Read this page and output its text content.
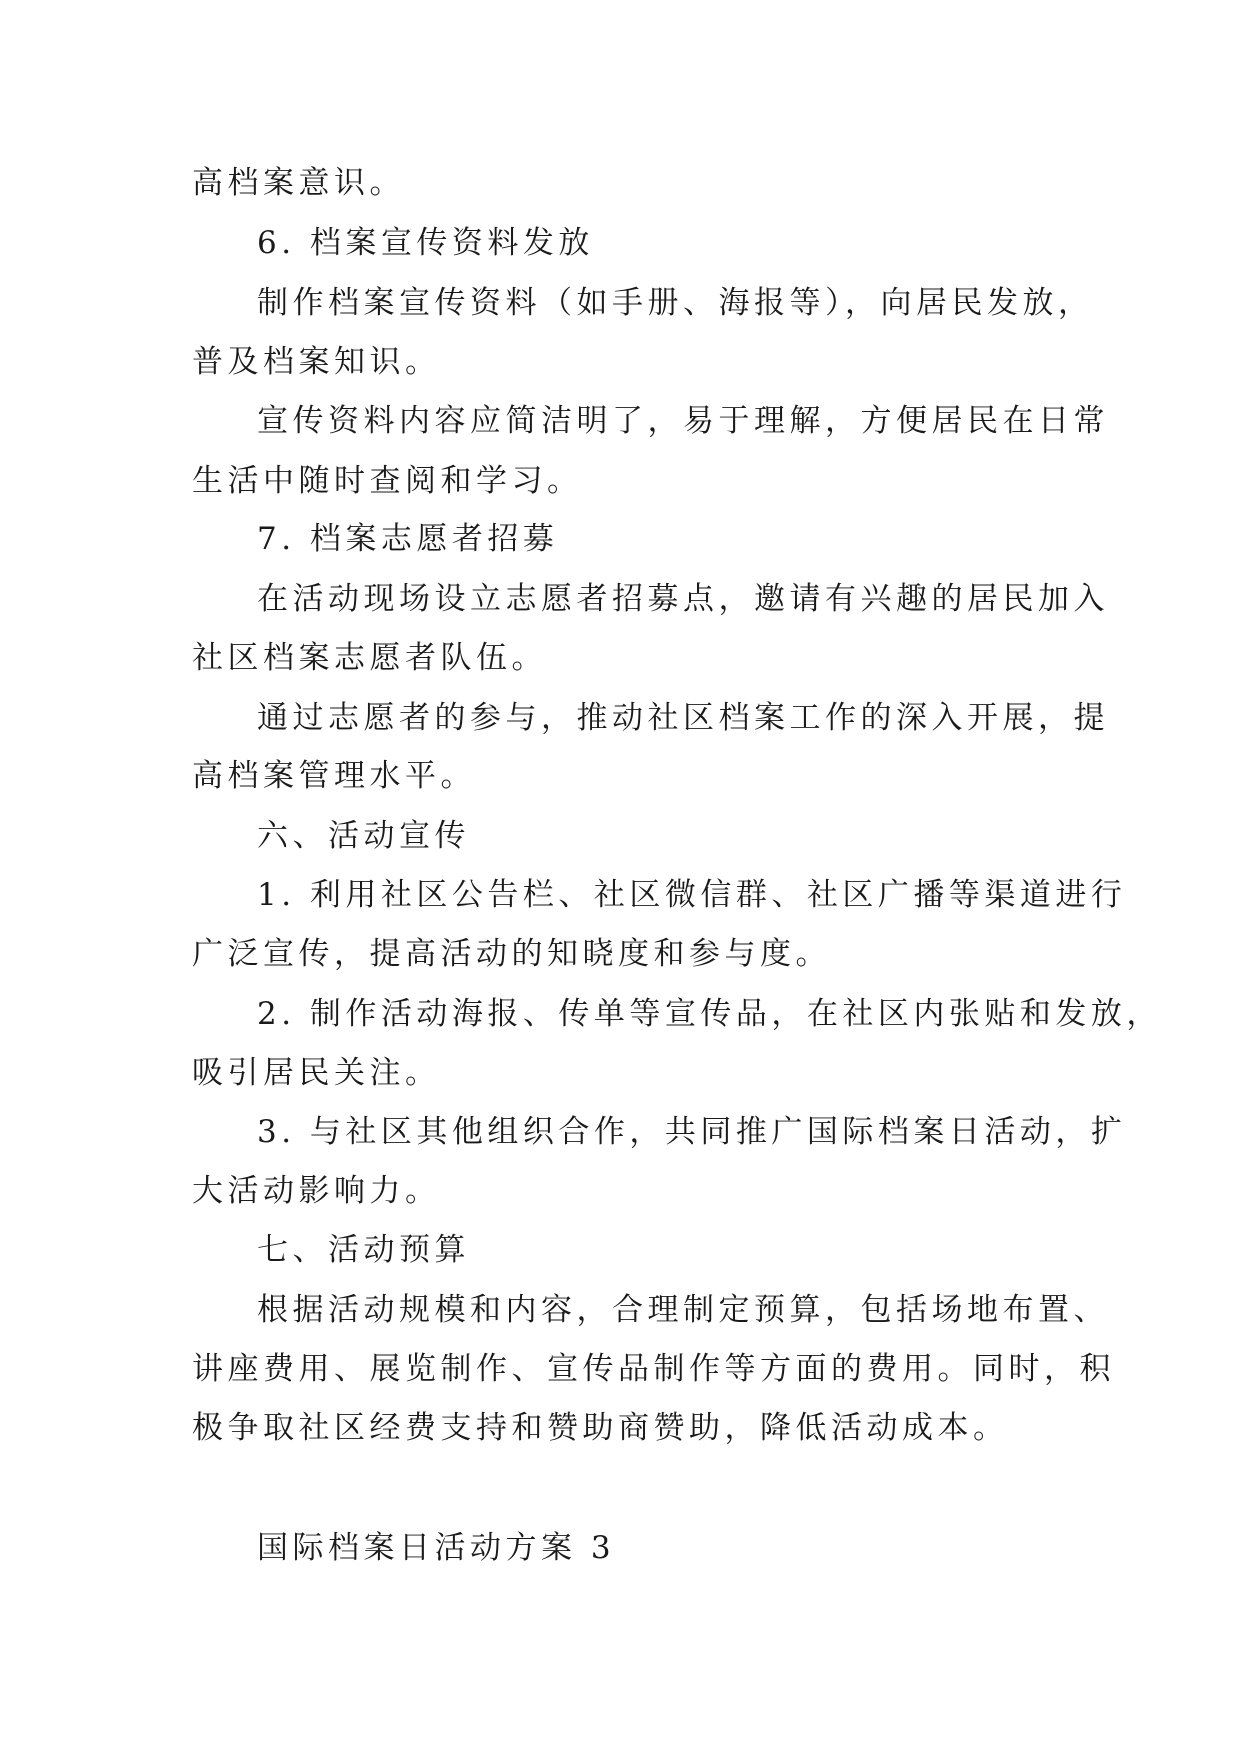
高档案意识。
6. 档案宣传资料发放
制作档案宣传资料（如手册、海报等），向居民发放，
普及档案知识。
宣传资料内容应简洁明了，易于理解，方便居民在日常
生活中随时查阅和学习。
7. 档案志愿者招募
在活动现场设立志愿者招募点，邀请有兴趣的居民加入
社区档案志愿者队伍。
通过志愿者的参与，推动社区档案工作的深入开展，提
高档案管理水平。
六、活动宣传
1. 利用社区公告栏、社区微信群、社区广播等渠道进行
广泛宣传，提高活动的知晓度和参与度。
2. 制作活动海报、传单等宣传品，在社区内张贴和发放，
吸引居民关注。
3. 与社区其他组织合作，共同推广国际档案日活动，扩
大活动影响力。
七、活动预算
根据活动规模和内容，合理制定预算，包括场地布置、
讲座费用、展览制作、宣传品制作等方面的费用。同时，积
极争取社区经费支持和赞助商赞助，降低活动成本。
国际档案日活动方案 3
